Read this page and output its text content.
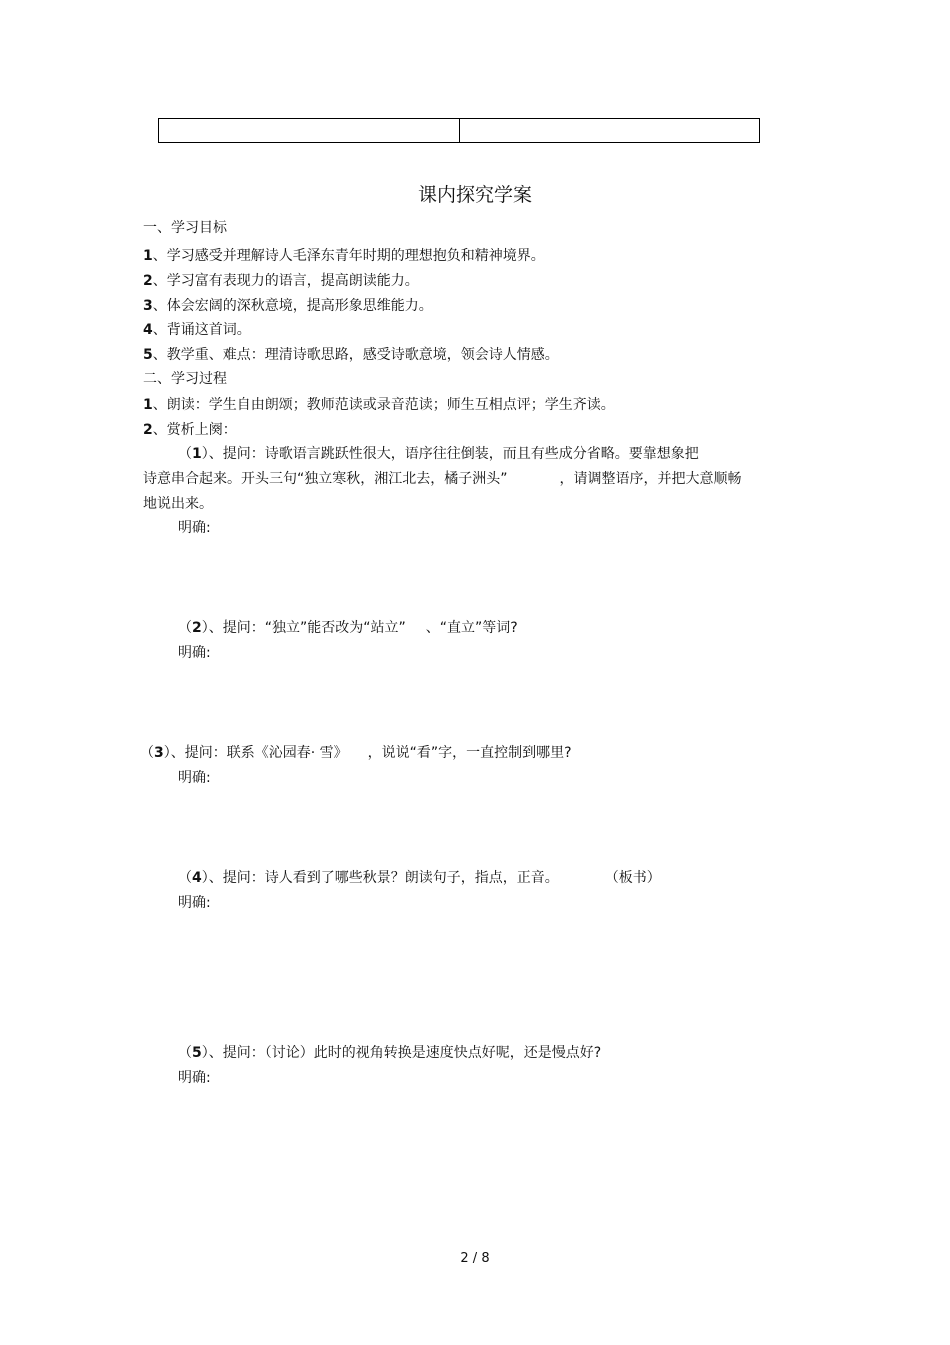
课内探究学案
一、学习目标
1、学习感受并理解诗人毛泽东青年时期的理想抱负和精神境界。
2、学习富有表现力的语言，提高朗读能力。
3、体会宏阔的深秋意境，提高形象思维能力。
4、背诵这首词。
5、教学重、难点：理清诗歌思路，感受诗歌意境，领会诗人情感。
二、学习过程
1、朗读：学生自由朗颂；教师范读或录音范读；师生互相点评；学生齐读。
2、赏析上阕：
（1）、提问：诗歌语言跳跃性很大，语序往往倒装，而且有些成分省略。要靠想象把
诗意串合起来。开头三句“独立寒秋，湘江北去，橘子洲头”	，请调整语序，并把大意顺畅
地说出来。
明确:
（2）、提问：“独立”能否改为“站立” 、“直立”等词?
明确:
（3）、提问：联系《沁园春· 雪》 ，说说“看”字，一直控制到哪里?
明确:
（4）、提问：诗人看到了哪些秋景？朗读句子，指点，正音。	（板书）
明确:
（5）、提问：（讨论）此时的视角转换是速度快点好呢，还是慢点好?
明确:
2 / 8
